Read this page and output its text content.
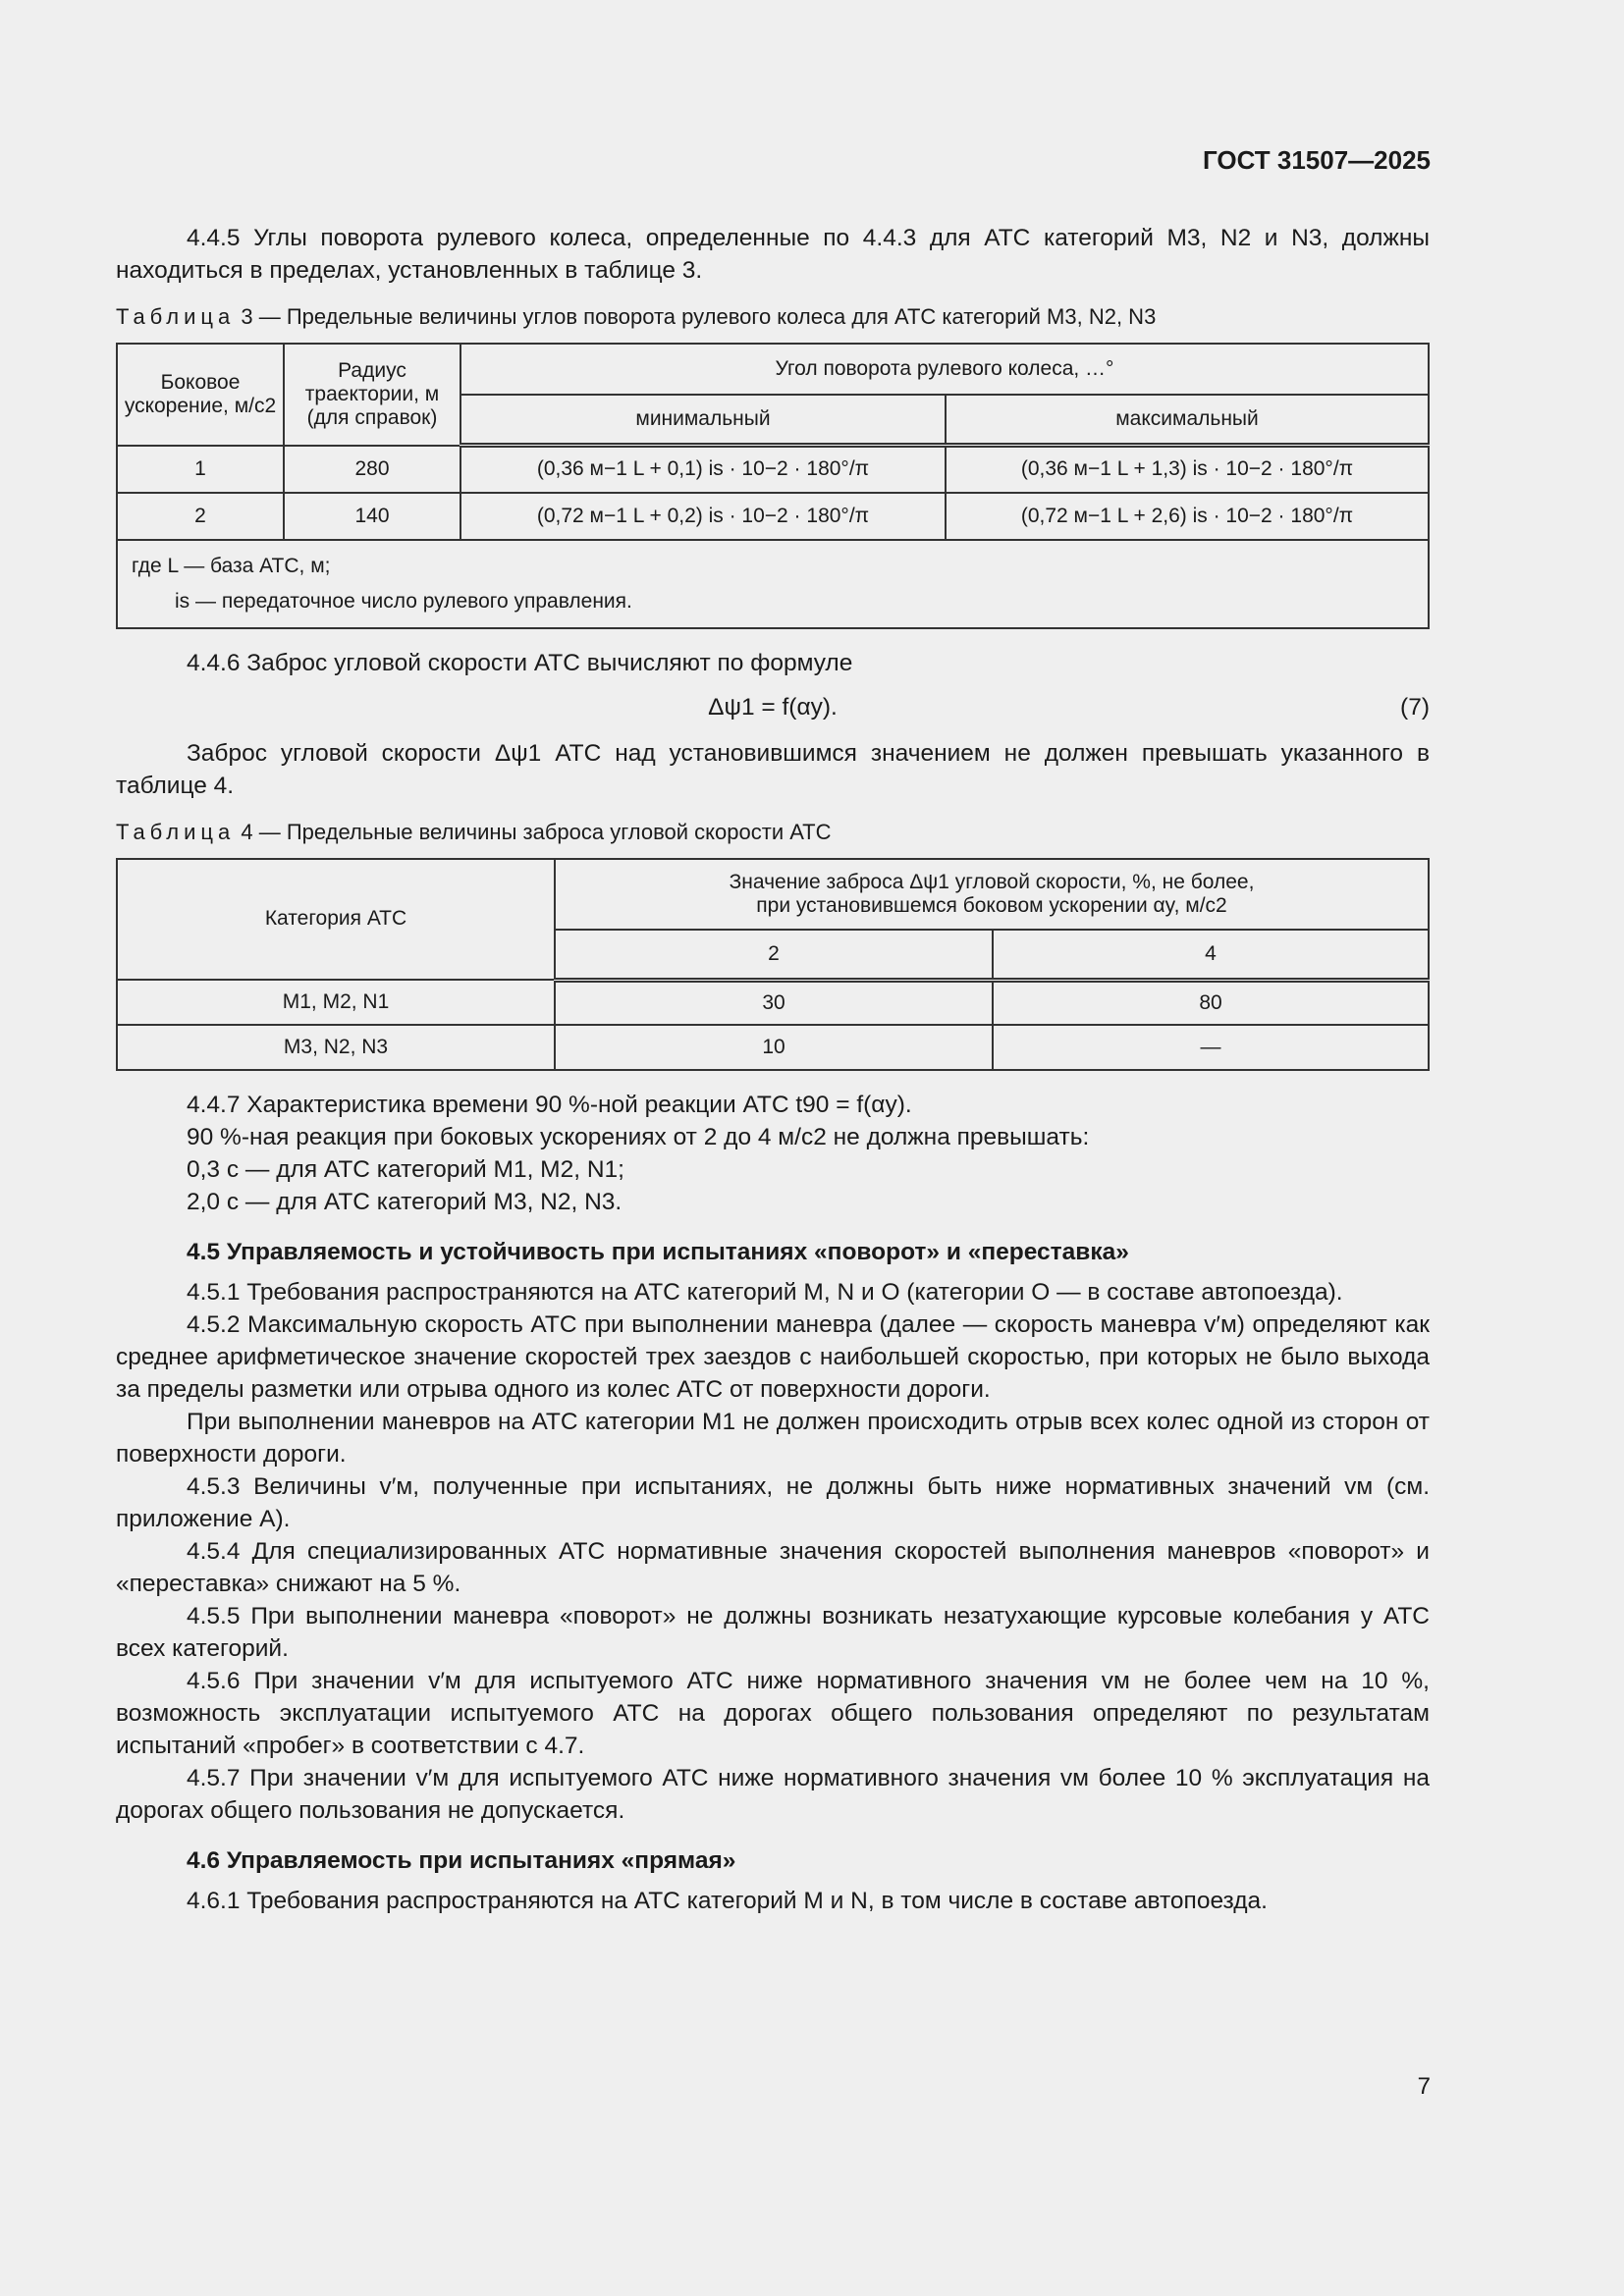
ГОСТ 31507—2025

4.4.5 Углы поворота рулевого колеса, определенные по 4.4.3 для АТС категорий M3, N2 и N3, должны находиться в пределах, установленных в таблице 3.

Таблица 3 — Предельные величины углов поворота рулевого колеса для АТС категорий M3, N2, N3
Боковое ускорение, м/с2	Радиус траектории, м (для справок)	Угол поворота рулевого колеса, …°	
		минимальный	максимальный
1	280	(0,36 м−1 L + 0,1) is · 10−2 · 180°/π	(0,36 м−1 L + 1,3) is · 10−2 · 180°/π
2	140	(0,72 м−1 L + 0,2) is · 10−2 · 180°/π	(0,72 м−1 L + 2,6) is · 10−2 · 180°/π

где L — база АТС, м;
is — передаточное число рулевого управления.			

4.4.6 Заброс угловой скорости АТС вычисляют по формуле

Δψ1 = f(αy).	(7)

Заброс угловой скорости Δψ1 АТС над установившимся значением не должен превышать указанного в таблице 4.

Таблица 4 — Предельные величины заброса угловой скорости АТС
Категория АТС	Значение заброса Δψ1 угловой скорости, %, не более,
при установившемся боковом ускорении αy, м/с2	

	2	4
M1, M2, N1	30	80
M3, N2, N3	10	—

4.4.7 Характеристика времени 90 %-ной реакции АТС t90 = f(αy).

90 %-ная реакция при боковых ускорениях от 2 до 4 м/с2 не должна превышать:

0,3 с — для АТС категорий M1, M2, N1;

2,0 с — для АТС категорий M3, N2, N3.

4.5 Управляемость и устойчивость при испытаниях «поворот» и «переставка»

4.5.1 Требования распространяются на АТС категорий M, N и O (категории O — в составе автопоезда).

4.5.2 Максимальную скорость АТС при выполнении маневра (далее — скорость маневра v′м) определяют как среднее арифметическое значение скоростей трех заездов с наибольшей скоростью, при которых не было выхода за пределы разметки или отрыва одного из колес АТС от поверхности дороги.

При выполнении маневров на АТС категории M1 не должен происходить отрыв всех колес одной из сторон от поверхности дороги.

4.5.3 Величины v′м, полученные при испытаниях, не должны быть ниже нормативных значений vм (см. приложение А).

4.5.4 Для специализированных АТС нормативные значения скоростей выполнения маневров «поворот» и «переставка» снижают на 5 %.

4.5.5 При выполнении маневра «поворот» не должны возникать незатухающие курсовые колебания у АТС всех категорий.

4.5.6 При значении v′м для испытуемого АТС ниже нормативного значения vм не более чем на 10 %, возможность эксплуатации испытуемого АТС на дорогах общего пользования определяют по результатам испытаний «пробег» в соответствии с 4.7.

4.5.7 При значении v′м для испытуемого АТС ниже нормативного значения vм более 10 % эксплуатация на дорогах общего пользования не допускается.

4.6 Управляемость при испытаниях «прямая»

4.6.1 Требования распространяются на АТС категорий M и N, в том числе в составе автопоезда.

7
